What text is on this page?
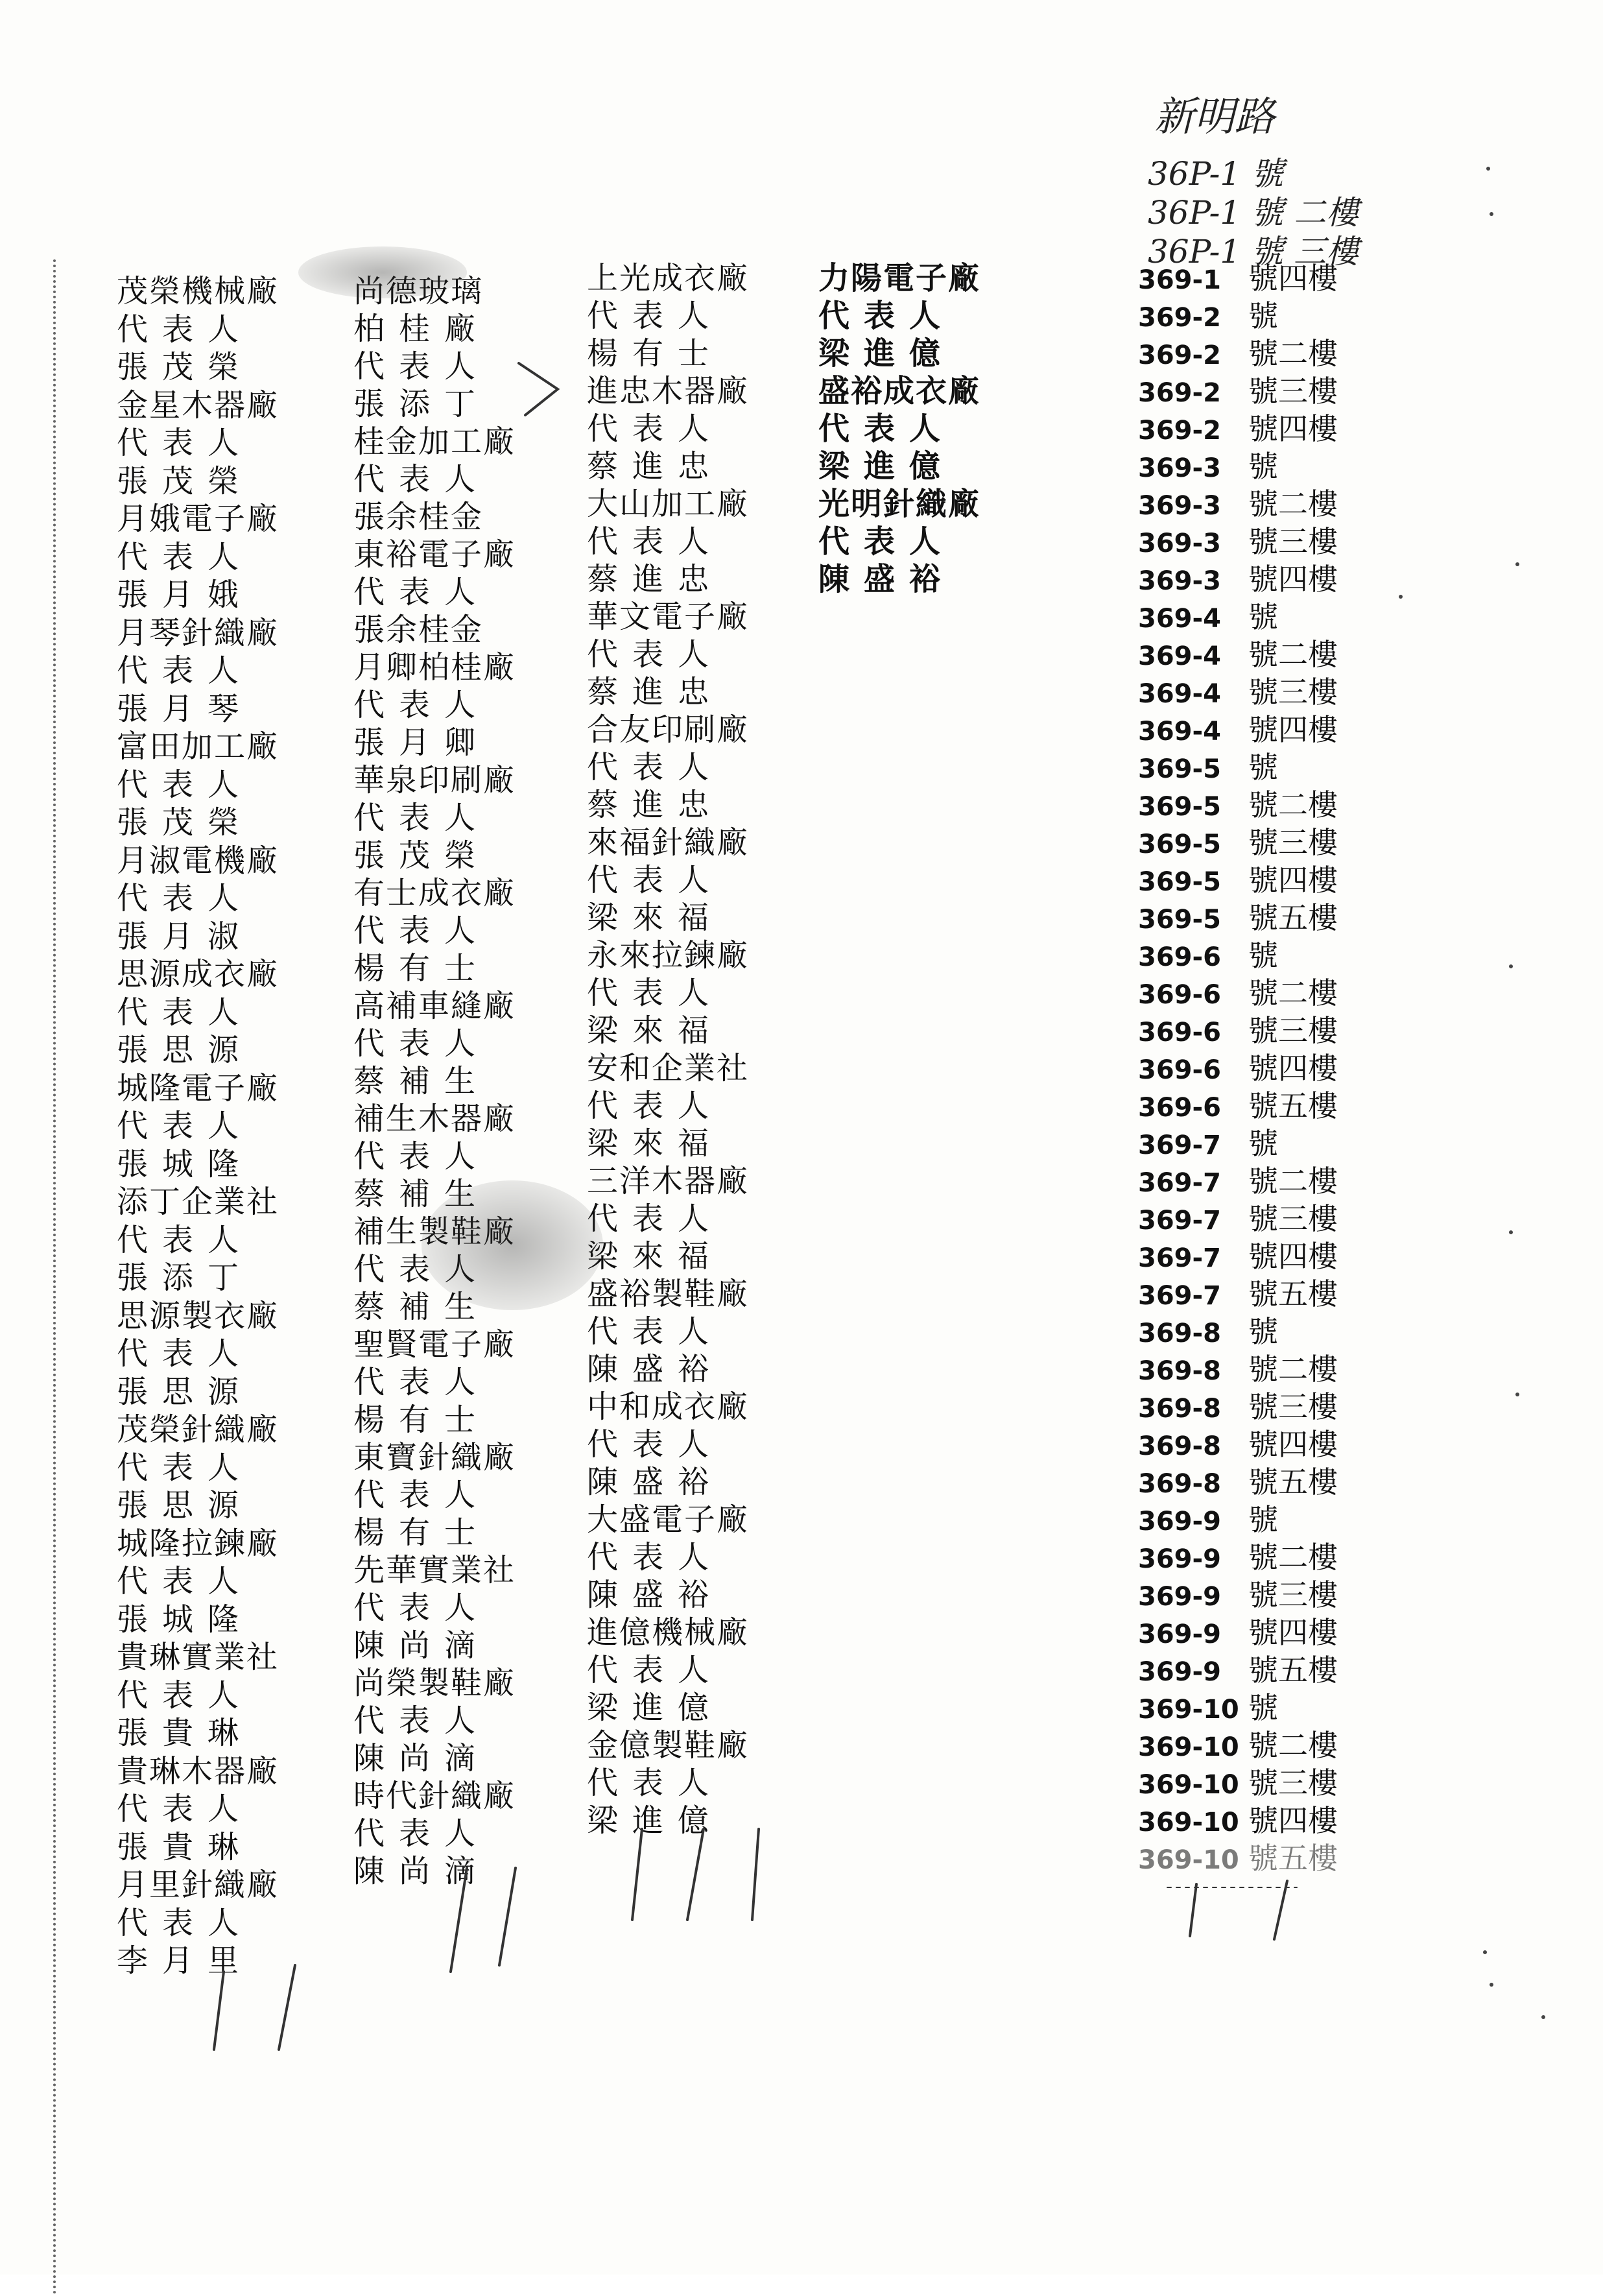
新明路
36P-1 號
36P-1 號 二樓
36P-1 號 三樓
茂榮機械廠
代表人
張茂榮
金星木器廠
代表人
張茂榮
月娥電子廠
代表人
張月娥
月琴針織廠
代表人
張月琴
富田加工廠
代表人
張茂榮
月淑電機廠
代表人
張月淑
思源成衣廠
代表人
張思源
城隆電子廠
代表人
張城隆
添丁企業社
代表人
張添丁
思源製衣廠
代表人
張思源
茂榮針織廠
代表人
張思源
城隆拉鍊廠
代表人
張城隆
貴琳實業社
代表人
張貴琳
貴琳木器廠
代表人
張貴琳
月里針織廠
代表人
李月里
尚德玻璃
柏桂廠
代表人
張添丁
桂金加工廠
代表人
張余桂金
東裕電子廠
代表人
張余桂金
月卿柏桂廠
代表人
張月卿
華泉印刷廠
代表人
張茂榮
有士成衣廠
代表人
楊有士
高補車縫廠
代表人
蔡補生
補生木器廠
代表人
蔡補生
補生製鞋廠
代表人
蔡補生
聖賢電子廠
代表人
楊有士
東寶針織廠
代表人
楊有士
先華實業社
代表人
陳尚滴
尚榮製鞋廠
代表人
陳尚滴
時代針織廠
代表人
陳尚滴
上光成衣廠
代表人
楊有士
進忠木器廠
代表人
蔡進忠
大山加工廠
代表人
蔡進忠
華文電子廠
代表人
蔡進忠
合友印刷廠
代表人
蔡進忠
來福針織廠
代表人
梁來福
永來拉鍊廠
代表人
梁來福
安和企業社
代表人
梁來福
三洋木器廠
代表人
梁來福
盛裕製鞋廠
代表人
陳盛裕
中和成衣廠
代表人
陳盛裕
大盛電子廠
代表人
陳盛裕
進億機械廠
代表人
梁進億
金億製鞋廠
代表人
梁進億
力陽電子廠
代表人
梁進億
盛裕成衣廠
代表人
梁進億
光明針織廠
代表人
陳盛裕
369-1 號四樓
369-2 號
369-2 號二樓
369-2 號三樓
369-2 號四樓
369-3 號
369-3 號二樓
369-3 號三樓
369-3 號四樓
369-4 號
369-4 號二樓
369-4 號三樓
369-4 號四樓
369-5 號
369-5 號二樓
369-5 號三樓
369-5 號四樓
369-5 號五樓
369-6 號
369-6 號二樓
369-6 號三樓
369-6 號四樓
369-6 號五樓
369-7 號
369-7 號二樓
369-7 號三樓
369-7 號四樓
369-7 號五樓
369-8 號
369-8 號二樓
369-8 號三樓
369-8 號四樓
369-8 號五樓
369-9 號
369-9 號二樓
369-9 號三樓
369-9 號四樓
369-9 號五樓
369-10 號
369-10 號二樓
369-10 號三樓
369-10 號四樓
369-10 號五樓
